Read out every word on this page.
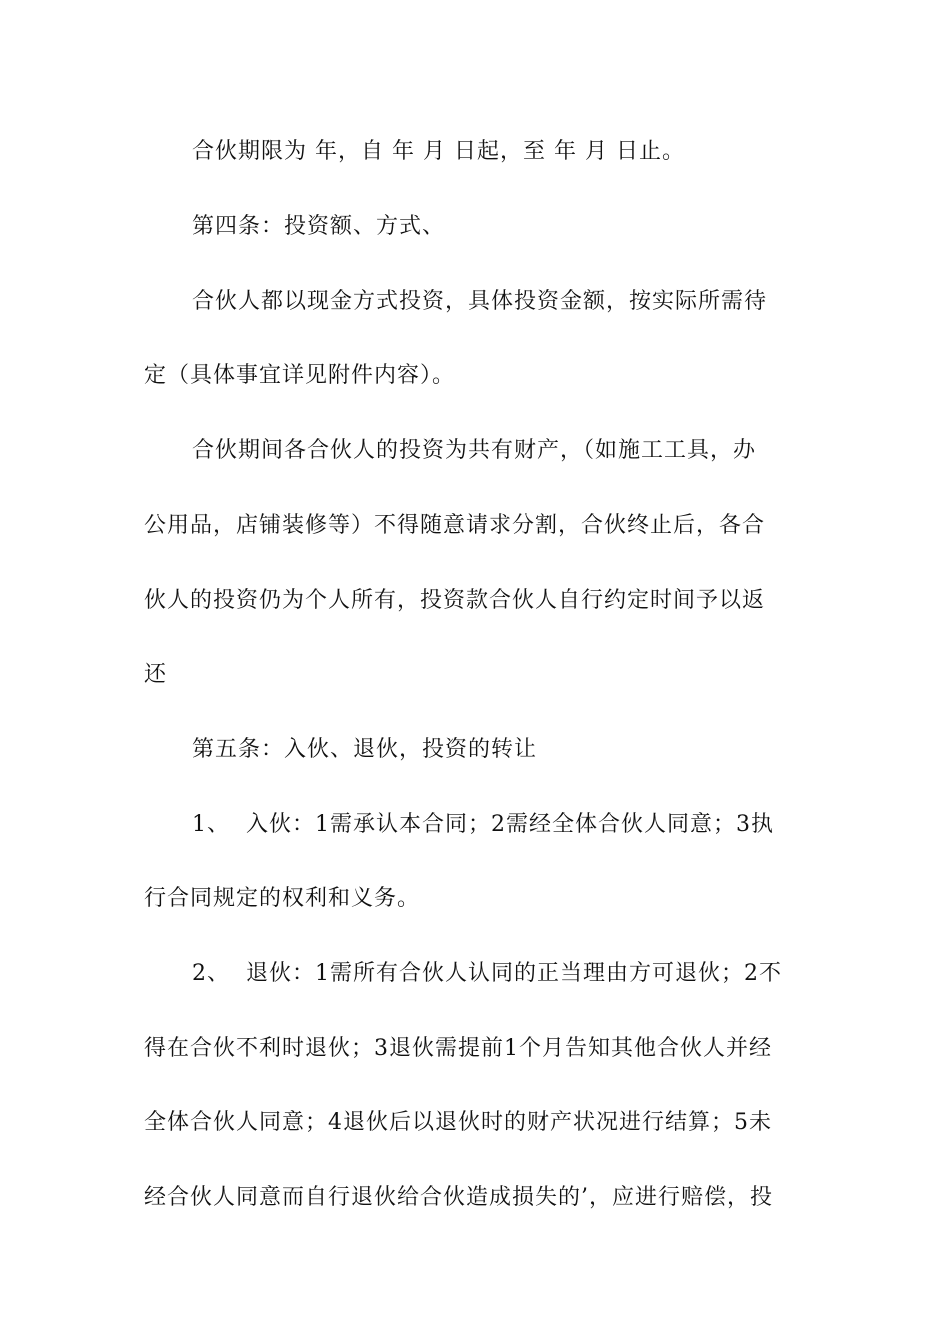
合伙期限为 年，自 年 月 日起，至 年 月 日止。
第四条：投资额、方式、
合伙人都以现金方式投资，具体投资金额，按实际所需待
定（具体事宜详见附件内容）。
合伙期间各合伙人的投资为共有财产，（如施工工具，办
公用品，店铺装修等）不得随意请求分割，合伙终止后，各合
伙人的投资仍为个人所有，投资款合伙人自行约定时间予以返
还
第五条：入伙、退伙，投资的转让
1、  入伙：1需承认本合同；2需经全体合伙人同意；3执
行合同规定的权利和义务。
2、  退伙：1需所有合伙人认同的正当理由方可退伙；2不
得在合伙不利时退伙；3退伙需提前1个月告知其他合伙人并经
全体合伙人同意；4退伙后以退伙时的财产状况进行结算；5未
经合伙人同意而自行退伙给合伙造成损失的’，应进行赔偿，投
